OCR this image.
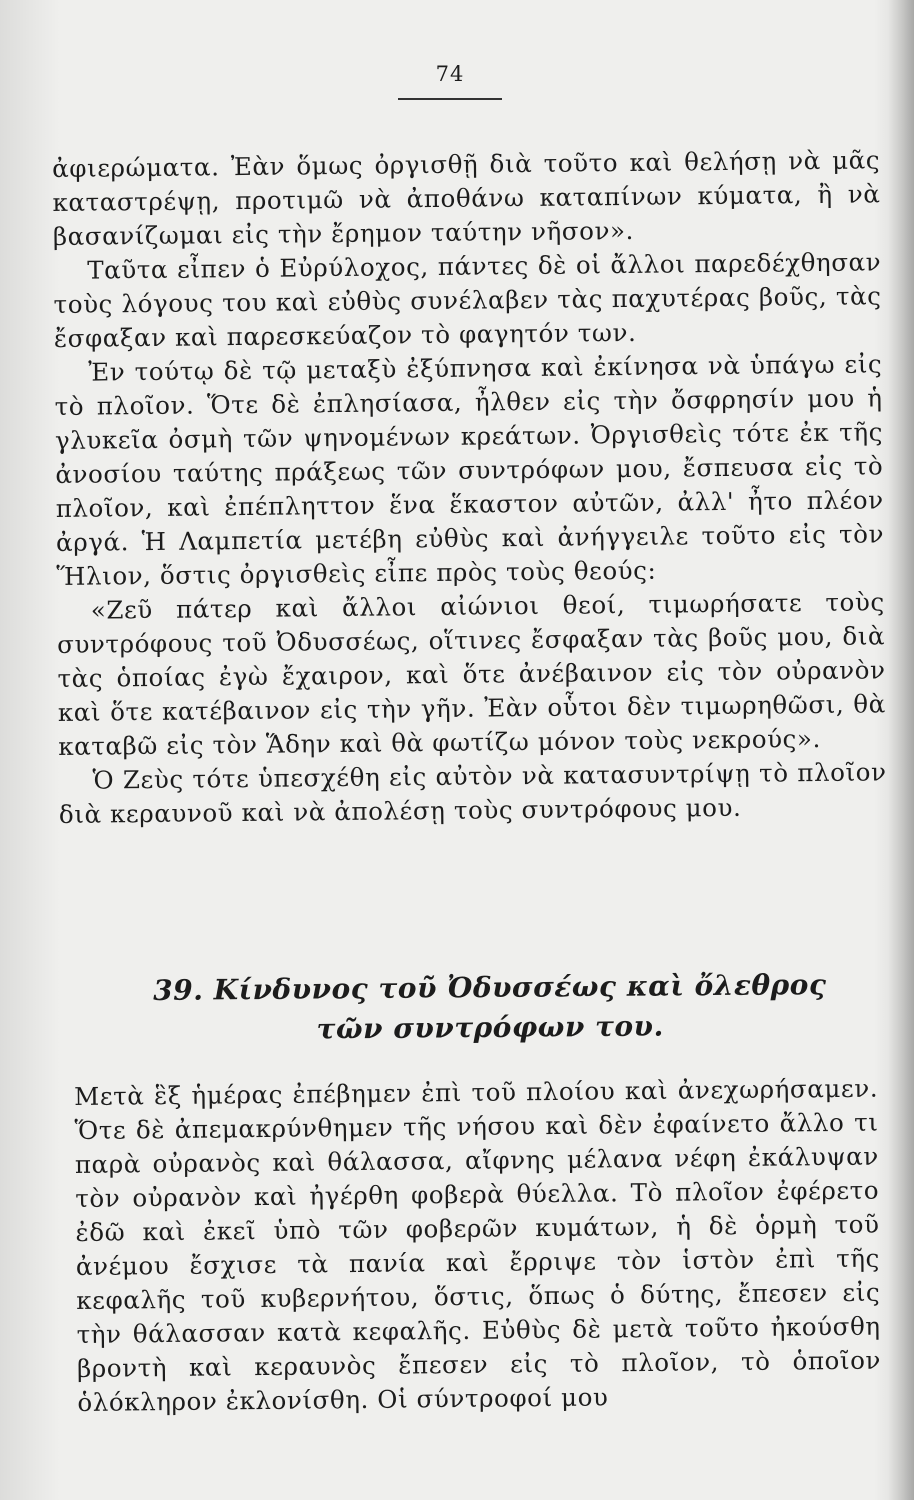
74

ἀφιερώματα. Ἐὰν ὅμως ὀργισθῇ διὰ τοῦτο καὶ θελήσῃ νὰ μᾶς καταστρέψῃ, προτιμῶ νὰ ἀποθάνω καταπίνων κύματα, ἢ νὰ βασανίζωμαι εἰς τὴν ἔρημον ταύτην νῆσον».

Ταῦτα εἶπεν ὁ Εὐρύλοχος, πάντες δὲ οἱ ἄλλοι παρεδέχθησαν τοὺς λόγους του καὶ εὐθὺς συνέλαβεν τὰς παχυτέρας βοῦς, τὰς ἔσφαξαν καὶ παρεσκεύαζον τὸ φαγητόν των.

Ἐν τούτῳ δὲ τῷ μεταξὺ ἐξύπνησα καὶ ἐκίνησα νὰ ὑπάγω εἰς τὸ πλοῖον. Ὅτε δὲ ἐπλησίασα, ἦλθεν εἰς τὴν ὄσφρησίν μου ἡ γλυκεῖα ὀσμὴ τῶν ψηνομένων κρεάτων. Ὀργισθεὶς τότε ἐκ τῆς ἀνοσίου ταύτης πράξεως τῶν συντρόφων μου, ἔσπευσα εἰς τὸ πλοῖον, καὶ ἐπέπληττον ἕνα ἕκαστον αὐτῶν, ἀλλ' ἦτο πλέον ἀργά. Ἡ Λαμπετία μετέβη εὐθὺς καὶ ἀνήγγειλε τοῦτο εἰς τὸν Ἥλιον, ὅστις ὀργισθεὶς εἶπε πρὸς τοὺς θεούς:

«Ζεῦ πάτερ καὶ ἄλλοι αἰώνιοι θεοί, τιμωρήσατε τοὺς συντρόφους τοῦ Ὀδυσσέως, οἵτινες ἔσφαξαν τὰς βοῦς μου, διὰ τὰς ὁποίας ἐγὼ ἔχαιρον, καὶ ὅτε ἀνέβαινον εἰς τὸν οὐρανὸν καὶ ὅτε κατέβαινον εἰς τὴν γῆν. Ἐὰν οὗτοι δὲν τιμωρηθῶσι, θὰ καταβῶ εἰς τὸν Ἅδην καὶ θὰ φωτίζω μόνον τοὺς νεκρούς».

Ὁ Ζεὺς τότε ὑπεσχέθη εἰς αὐτὸν νὰ κατασυντρίψῃ τὸ πλοῖον διὰ κεραυνοῦ καὶ νὰ ἀπολέσῃ τοὺς συντρόφους μου.

39. Κίνδυνος τοῦ Ὀδυσσέως καὶ ὄλεθρος
τῶν συντρόφων του.

Μετὰ ἓξ ἡμέρας ἐπέβημεν ἐπὶ τοῦ πλοίου καὶ ἀνεχωρήσαμεν. Ὅτε δὲ ἀπεμακρύνθημεν τῆς νήσου καὶ δὲν ἐφαίνετο ἄλλο τι παρὰ οὐρανὸς καὶ θάλασσα, αἴφνης μέλανα νέφη ἐκάλυψαν τὸν οὐρανὸν καὶ ἠγέρθη φοβερὰ θύελλα. Τὸ πλοῖον ἐφέρετο ἐδῶ καὶ ἐκεῖ ὑπὸ τῶν φοβερῶν κυμάτων, ἡ δὲ ὁρμὴ τοῦ ἀνέμου ἔσχισε τὰ πανία καὶ ἔρριψε τὸν ἱστὸν ἐπὶ τῆς κεφαλῆς τοῦ κυβερνήτου, ὅστις, ὅπως ὁ δύτης, ἔπεσεν εἰς τὴν θάλασσαν κατὰ κεφαλῆς. Εὐθὺς δὲ μετὰ τοῦτο ἠκούσθη βροντὴ καὶ κεραυνὸς ἔπεσεν εἰς τὸ πλοῖον, τὸ ὁποῖον ὁλόκληρον ἐκλονίσθη. Οἱ σύντροφοί μου
